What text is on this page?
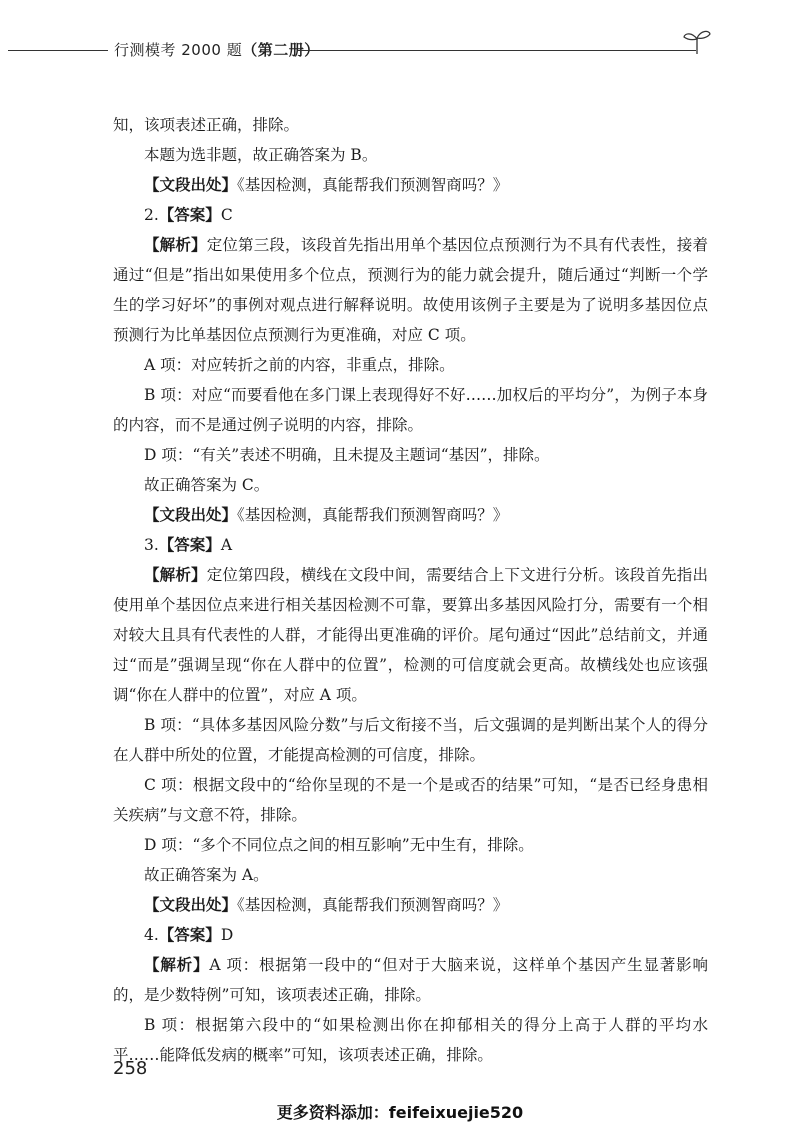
行测模考 2000 题（第二册）

知，该项表述正确，排除。

本题为选非题，故正确答案为 B。

【文段出处】《基因检测，真能帮我们预测智商吗？》

2.【答案】C

【解析】定位第三段，该段首先指出用单个基因位点预测行为不具有代表性，接着通过“但是”指出如果使用多个位点，预测行为的能力就会提升，随后通过“判断一个学生的学习好坏”的事例对观点进行解释说明。故使用该例子主要是为了说明多基因位点预测行为比单基因位点预测行为更准确，对应 C 项。

A 项：对应转折之前的内容，非重点，排除。

B 项：对应“而要看他在多门课上表现得好不好……加权后的平均分”，为例子本身的内容，而不是通过例子说明的内容，排除。

D 项：“有关”表述不明确，且未提及主题词“基因”，排除。

故正确答案为 C。

【文段出处】《基因检测，真能帮我们预测智商吗？》

3.【答案】A

【解析】定位第四段，横线在文段中间，需要结合上下文进行分析。该段首先指出使用单个基因位点来进行相关基因检测不可靠，要算出多基因风险打分，需要有一个相对较大且具有代表性的人群，才能得出更准确的评价。尾句通过“因此”总结前文，并通过“而是”强调呈现“你在人群中的位置”，检测的可信度就会更高。故横线处也应该强调“你在人群中的位置”，对应 A 项。

B 项：“具体多基因风险分数”与后文衔接不当，后文强调的是判断出某个人的得分在人群中所处的位置，才能提高检测的可信度，排除。

C 项：根据文段中的“给你呈现的不是一个是或否的结果”可知，“是否已经身患相关疾病”与文意不符，排除。

D 项：“多个不同位点之间的相互影响”无中生有，排除。

故正确答案为 A。

【文段出处】《基因检测，真能帮我们预测智商吗？》

4.【答案】D

【解析】A 项：根据第一段中的“但对于大脑来说，这样单个基因产生显著影响的，是少数特例”可知，该项表述正确，排除。

B 项：根据第六段中的“如果检测出你在抑郁相关的得分上高于人群的平均水平……能降低发病的概率”可知，该项表述正确，排除。

258
更多资料添加：feifeixuejie520
